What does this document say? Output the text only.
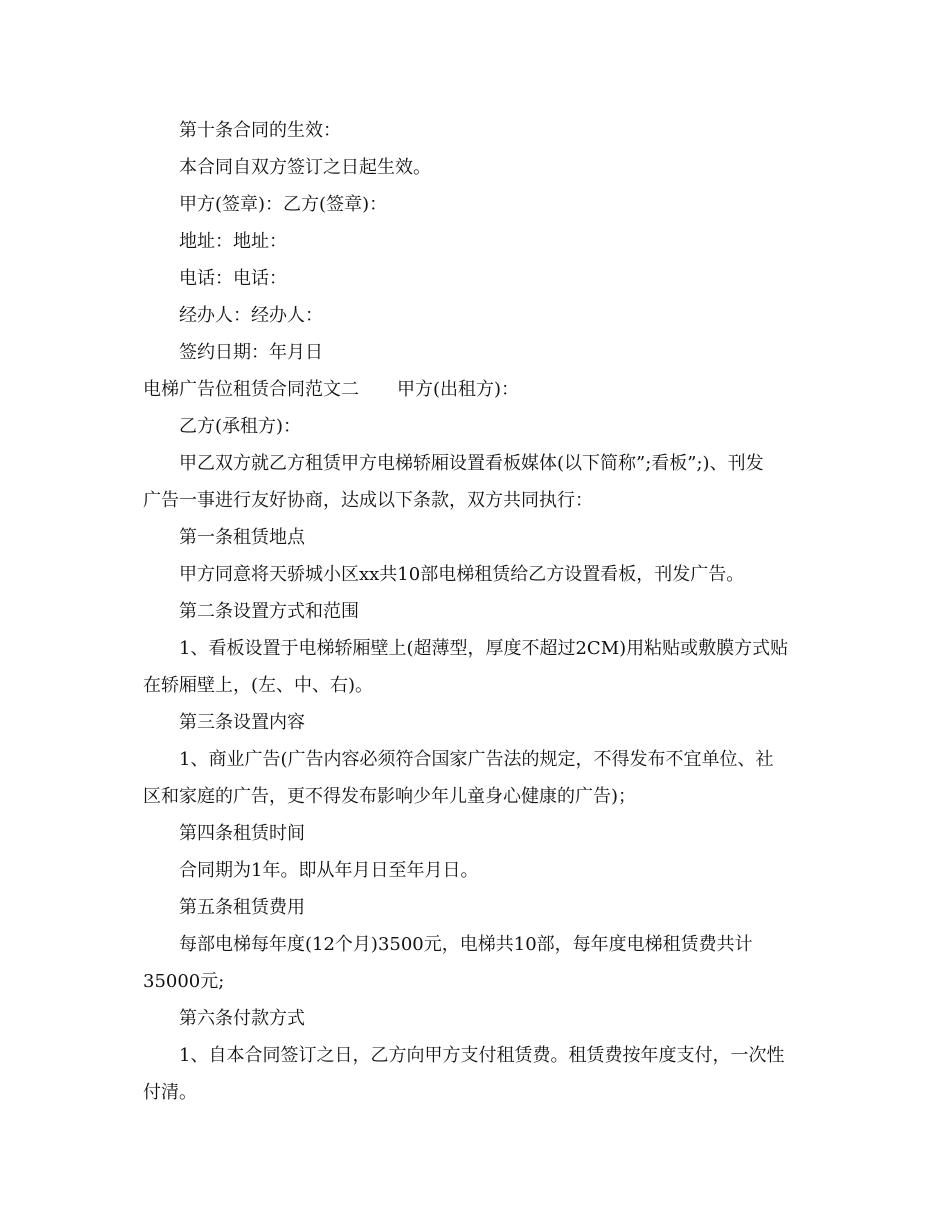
第十条合同的生效：

本合同自双方签订之日起生效。

甲方(签章)：乙方(签章)：

地址：地址：

电话：电话：

经办人：经办人：

签约日期：年月日

电梯广告位租赁合同范文二 甲方(出租方)：

乙方(承租方)：

甲乙双方就乙方租赁甲方电梯轿厢设置看板媒体(以下简称”;看板”;)、刊发

广告一事进行友好协商，达成以下条款，双方共同执行：

第一条租赁地点

甲方同意将天骄城小区xx共10部电梯租赁给乙方设置看板，刊发广告。

第二条设置方式和范围

1、看板设置于电梯轿厢壁上(超薄型，厚度不超过2CM)用粘贴或敷膜方式贴

在轿厢壁上，(左、中、右)。

第三条设置内容

1、商业广告(广告内容必须符合国家广告法的规定，不得发布不宜单位、社

区和家庭的广告，更不得发布影响少年儿童身心健康的广告)；

第四条租赁时间

合同期为1年。即从年月日至年月日。

第五条租赁费用

每部电梯每年度(12个月)3500元，电梯共10部，每年度电梯租赁费共计

35000元;

第六条付款方式

1、自本合同签订之日，乙方向甲方支付租赁费。租赁费按年度支付，一次性

付清。
